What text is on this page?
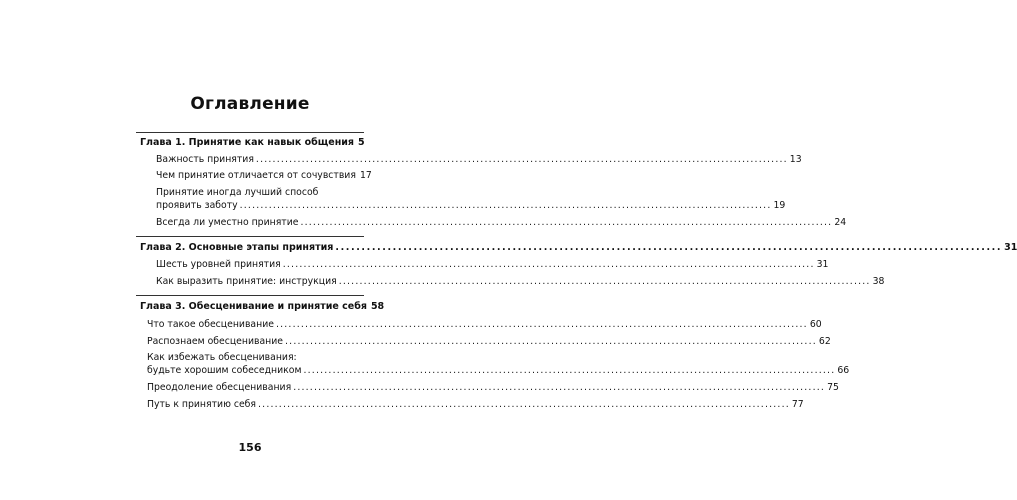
Оглавление
Глава 1. Принятие как навык общения 5
Важность принятия ................................................................................................................................ 13
Чем принятие отличается от сочувствия 17
Принятие иногда лучший способ
проявить заботу ................................................................................................................................ 19
Всегда ли уместно принятие ................................................................................................................................ 24
Глава 2. Основные этапы принятия ................................................................................................................................ 31
Шесть уровней принятия ................................................................................................................................ 31
Как выразить принятие: инструкция ................................................................................................................................ 38
Глава 3. Обесценивание и принятие себя 58
Что такое обесценивание ................................................................................................................................ 60
Распознаем обесценивание ................................................................................................................................ 62
Как избежать обесценивания:
будьте хорошим собеседником ................................................................................................................................ 66
Преодоление обесценивания ................................................................................................................................ 75
Путь к принятию себя ................................................................................................................................ 77
156
